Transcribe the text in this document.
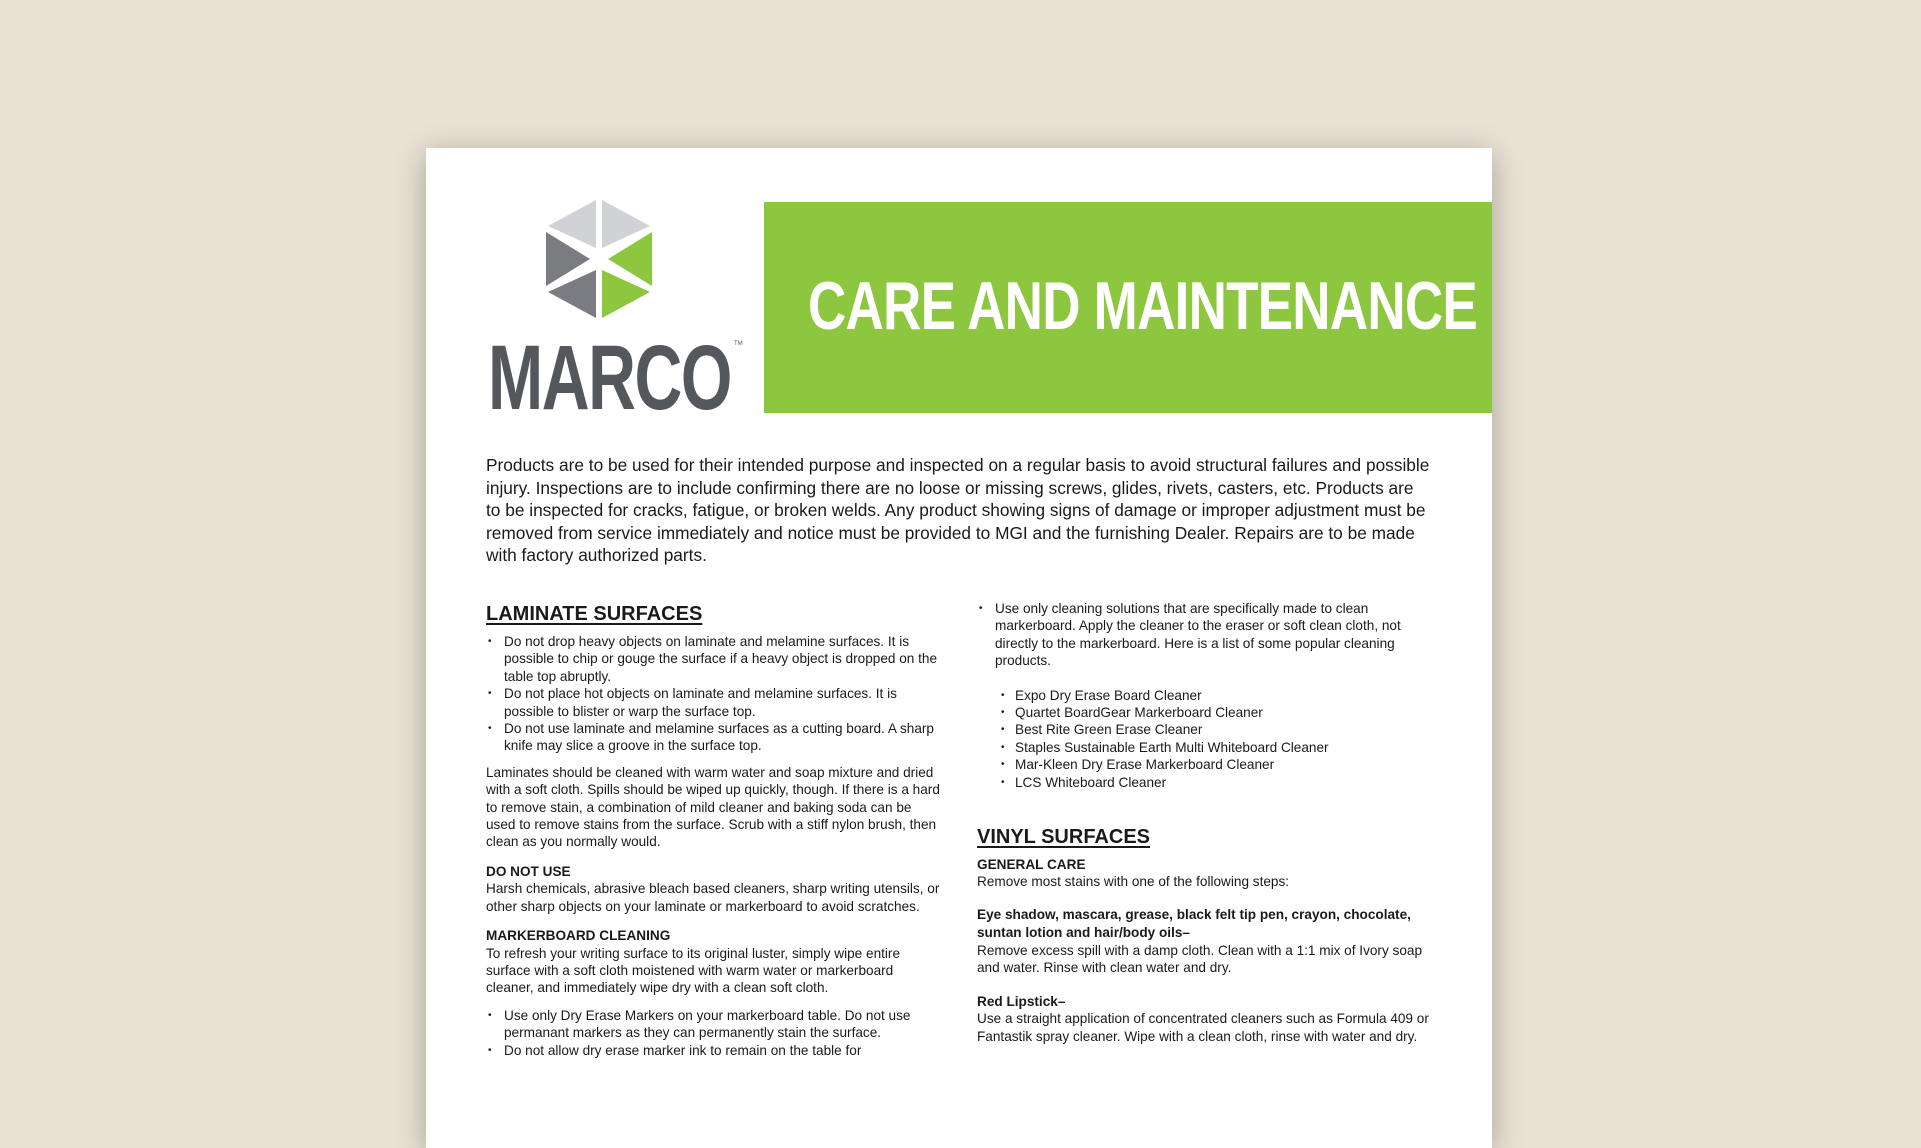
MARCO TM CARE AND MAINTENANCE

Products are to be used for their intended purpose and inspected on a regular basis to avoid structural failures and possible injury. Inspections are to include confirming there are no loose or missing screws, glides, rivets, casters, etc. Products are to be inspected for cracks, fatigue, or broken welds. Any product showing signs of damage or improper adjustment must be removed from service immediately and notice must be provided to MGI and the furnishing Dealer. Repairs are to be made with factory authorized parts.

LAMINATE SURFACES
• Do not drop heavy objects on laminate and melamine surfaces. It is possible to chip or gouge the surface if a heavy object is dropped on the table top abruptly.
• Do not place hot objects on laminate and melamine surfaces. It is possible to blister or warp the surface top.
• Do not use laminate and melamine surfaces as a cutting board. A sharp knife may slice a groove in the surface top.

Laminates should be cleaned with warm water and soap mixture and dried with a soft cloth. Spills should be wiped up quickly, though. If there is a hard to remove stain, a combination of mild cleaner and baking soda can be used to remove stains from the surface. Scrub with a stiff nylon brush, then clean as you normally would.

DO NOT USE

Harsh chemicals, abrasive bleach based cleaners, sharp writing utensils, or other sharp objects on your laminate or markerboard to avoid scratches.

MARKERBOARD CLEANING

To refresh your writing surface to its original luster, simply wipe entire surface with a soft cloth moistened with warm water or markerboard cleaner, and immediately wipe dry with a clean soft cloth.

• Use only Dry Erase Markers on your markerboard table. Do not use permanant markers as they can permanently stain the surface.
• Do not allow dry erase marker ink to remain on the table for
• Use only cleaning solutions that are specifically made to clean markerboard. Apply the cleaner to the eraser or soft clean cloth, not directly to the markerboard. Here is a list of some popular cleaning products.
• Expo Dry Erase Board Cleaner
• Quartet BoardGear Markerboard Cleaner
• Best Rite Green Erase Cleaner
• Staples Sustainable Earth Multi Whiteboard Cleaner
• Mar-Kleen Dry Erase Markerboard Cleaner
• LCS Whiteboard Cleaner
VINYL SURFACES
GENERAL CARE

Remove most stains with one of the following steps:

Eye shadow, mascara, grease, black felt tip pen, crayon, chocolate, suntan lotion and hair/body oils–

Remove excess spill with a damp cloth. Clean with a 1:1 mix of Ivory soap and water. Rinse with clean water and dry.

Red Lipstick–

Use a straight application of concentrated cleaners such as Formula 409 or Fantastik spray cleaner. Wipe with a clean cloth, rinse with water and dry.
